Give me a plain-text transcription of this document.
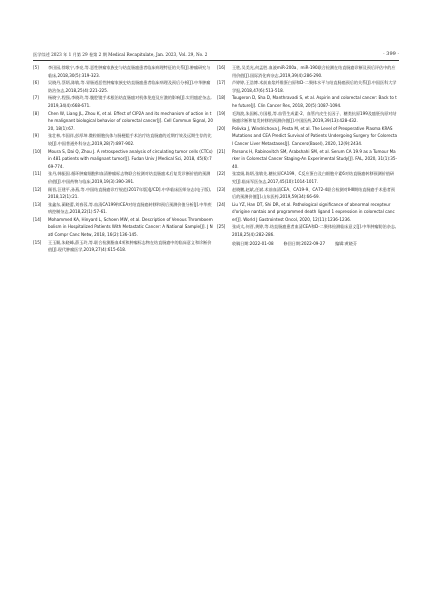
医学综述 2023 年 1 月第 29 卷第 2 期 Medical Recapitulate, Jan. 2023, Vol. 29, No. 2	· 399 ·
[5] 李田园,徐歌宁,李亮,等.恶性肿瘤家族史与结直肠癌患者临床病理特征的关系[J].肿瘤研究与临床,2018,30(5):319-323.
[6] 吴晓丹,蔡炳,陈敏,等.胃肠道恶性肿瘤家族史结直肠癌患者临床病理及预后分析[J].中华肿瘤防治杂志,2018,25(4):221-225.
[7] 杨晓宁,程强,李晓玲,等.腹腔镜手术根治结直肠癌对机体免疫及应激的影响[J].实用癌症杂志,2019,34(4):668-671.
[8] Chen W, Liang JL, Zhou K, et al. Effect of CIP2A and its mechanism of action in the malignant biological behavior of colorectal cancer[J]. Cell Commun Signal, 2020, 18(1):67.
[9] 张壮林,韦国祥,彭厚坤.微粒细胞抗体与肠梗阻手术治疗结直肠癌的近期疗效及远期生存的比较[J].中国普通外科杂志,2019,28(7):897-902.
[10] Moura S, Dai Q, Zhou J. A retrospective analysis of circulating tumor cells (CTCs) in 481 patients with malignant tumor[J]. Fudan Univ J Medical Sci, 2018, 45(6):769-774.
[11] 张丹,韩振国.循环肿瘤细胞和血清肿瘤标志物联合检测对结直肠癌术后复发诊断价值的预测价值[J].中国药物与临床,2019,19(3):390-391.
[12] 顾晋,汪建平,孙燕,等.中国结直肠癌诊疗规范(2017年版)[J/CD].中华临床医师杂志(电子版),2018,12(1):21.
[13] 张鑫东,蔺晓蕾,刘春蓉,等.血清CA199和CEA对结直肠癌转移和预后预测价值分析[J].中华疾病控制杂志,2018,22(1):57-61.
[14] Mohammed KA, Hinyard L, Schoen MW, et al. Description of Venous Thromboembolism in Hospitalized Patients With Metastatic Cancer: A National Sample[J]. J Natl Compr Canc Netw, 2018, 16(2):136-145.
[15] 王玉顺,朱晓峰,薛玉玲,等.联合检测脂血4项和肿瘤标志物在结直肠癌中的临床意义和诊断价值[J].现代肿瘤医学,2019,27(4):615-618.
[16] 王胜,吴美光,何孟胜.血液miR-200a、miR-190联合检测在结直肠癌诊断及预后评估中的应用价值[J].国际消化病杂志,2019,39(4):286-290.
[17] 芦婷婷,王浩博.术前血浆纤维蛋白原和D-二聚体水平与结直肠癌预后的关系[J].中国医科大学学报,2018,47(6):513-518.
[18] Tougeron D, Sha D, Manthravadi S, et al. Aspirin and colorectal cancer: Back to the future[J]. Clin Cancer Res, 2018, 20(5):1087-1094.
[19] 毛海波,朱国栋,方国根,等.血管生成素-2、血管内皮生长因子、糖类抗原199及癌胚抗原对结肠癌诊断和复发转移的预测价值[J].中国医药,2019,39(13):428-432.
[20] Polivka J, Windrichova J, Pesta M, et al. The Level of Preoperative Plasma KRAS Mutations and CEA Predict Survival of Patients Undergoing Surgery for Colorectal Cancer Liver Metastases[J]. Cancers(Basel), 2020, 12(9):2434.
[21] Parsons H, Rabinovitch SM, Arabshahi SM, et al. Serum CA 19.9 as a Tumour Marker in Colorectal Cancer Staging-An Experimental Study[J]. FAL, 2020, 31(1):35-40.
[22] 张富娟,陈炳,张敏先.糖抗原CA199、C反应蛋白及白细胞介素6对结直肠癌转移预测价值研究[J].临床军医杂志,2017,45(10):1014-1017.
[23] 赵晓鹏,赵斌,任斌.术前血清CEA、CA19-9、CA72-4联合检测对Ⅱ-Ⅲ期结直肠癌手术患者预后的预测价值[J].山东医药,2019,59(34):66-69.
[24] Liu YZ, Han DT, Shi DR, et al. Pathological significance of abnormal recepteur d'origine nantais and programmed death ligand 1 expression in colorectal cancer[J]. World J Gastrointest Oncol, 2020, 12(11):1236-1236.
[25] 张成太,何晋,黄婷,等.结直肠癌患者血清CEA和D-二聚体检测临床意义[J].中华肿瘤防治杂志,2018,25(4):282-286.
收稿日期:2022-01-08 修回日期:2022-09-27 编辑:黄晓芬
